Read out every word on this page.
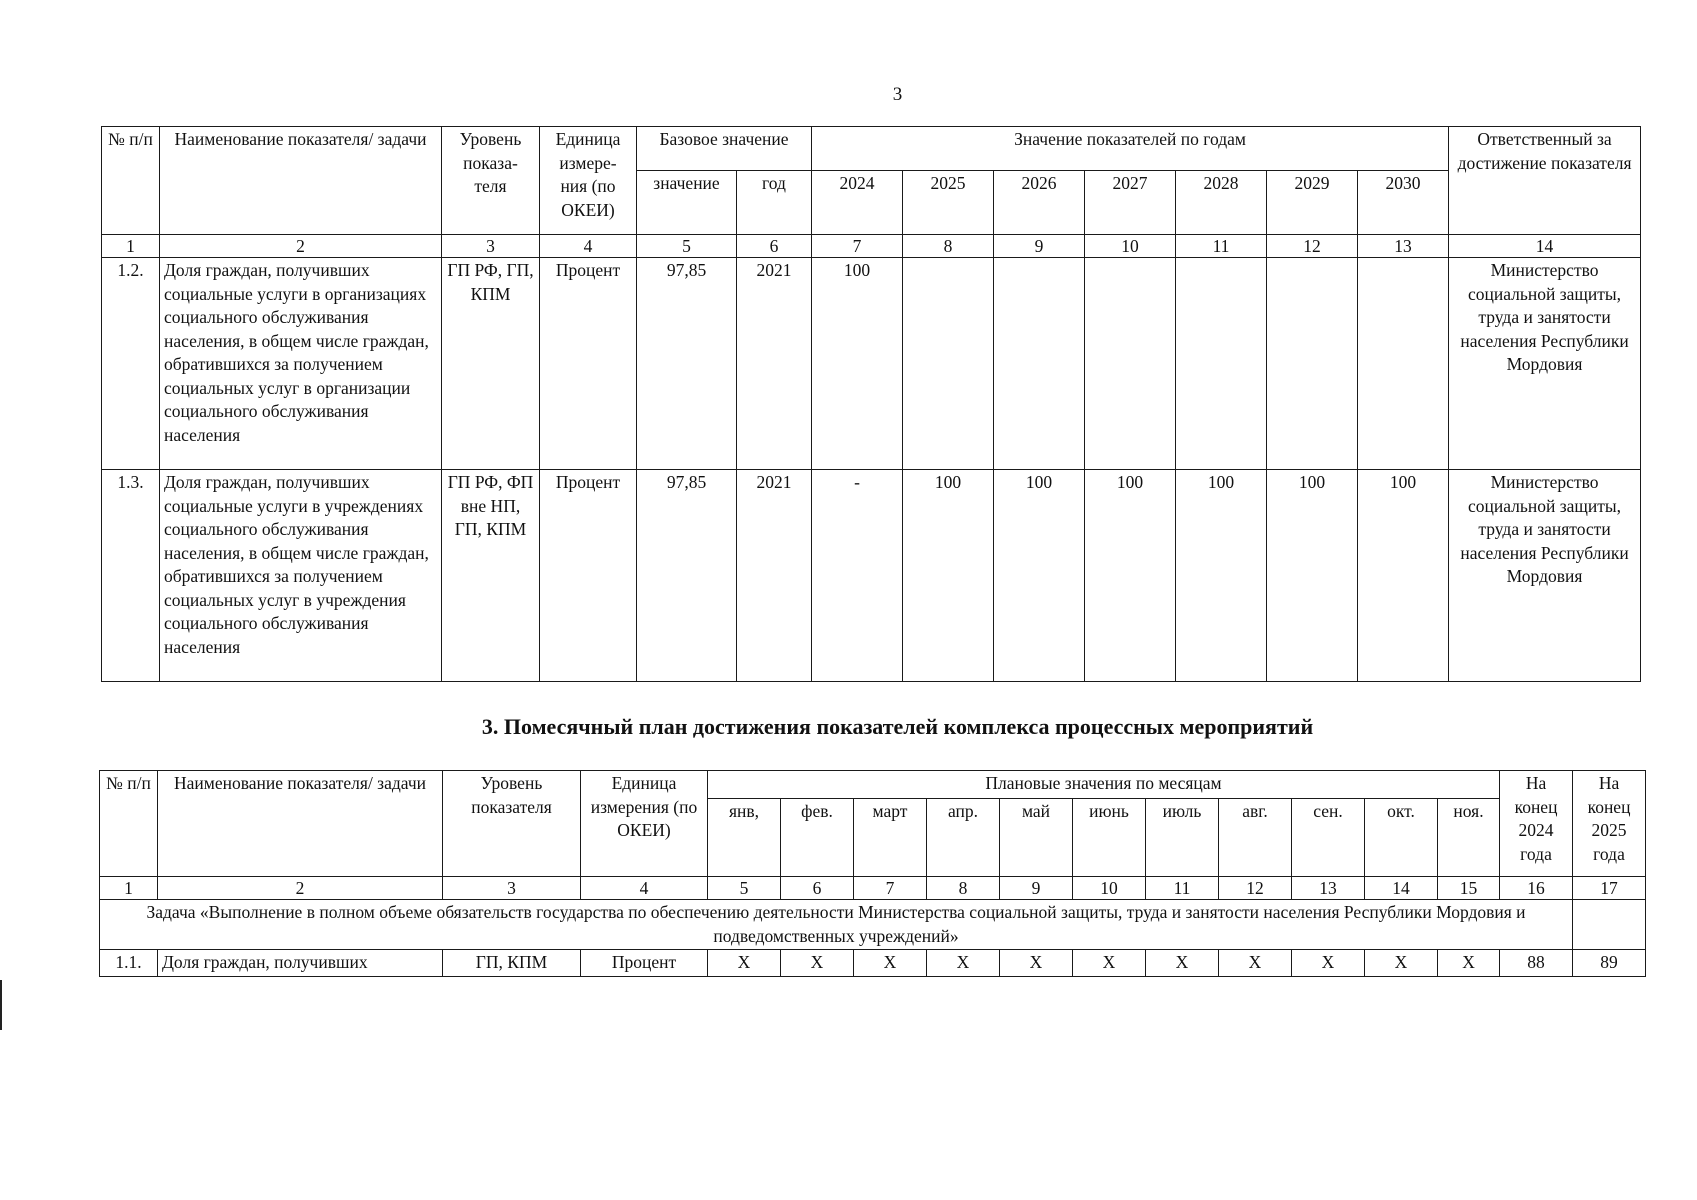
3
№ п/п	Наименование показателя/ задачи	Уровень показа- теля	Единица измере- ния (по ОКЕИ)	Базовое значение		Значение показателей по годам							Ответственный за достижение показателя
				значение	год	2024	2025	2026	2027	2028	2029	2030	
1	2	3	4	5	6	7	8	9	10	11	12	13	14
1.2.	Доля граждан, получивших социальные услуги в организациях социального обслуживания населения, в общем числе граждан, обратившихся за получением социальных услуг в организации социального обслуживания населения	ГП РФ, ГП, КПМ	Процент	97,85	2021	100							Министерство социальной защиты, труда и занятости населения Республики Мордовия
1.3.	Доля граждан, получивших социальные услуги в учреждениях социального обслуживания населения, в общем числе граждан, обратившихся за получением социальных услуг в учреждения социального обслуживания населения	ГП РФ, ФП вне НП, ГП, КПМ	Процент	97,85	2021	-	100	100	100	100	100	100	Министерство социальной защиты, труда и занятости населения Республики Мордовия
3. Помесячный план достижения показателей комплекса процессных мероприятий
№ п/п	Наименование показателя/ задачи	Уровень показателя	Единица измерения (по ОКЕИ)	Плановые значения по месяцам											На конец 2024 года	На конец 2025 года
				янв,	фев.	март	апр.	май	июнь	июль	авг.	сен.	окт.	ноя.		
1	2	3	4	5	6	7	8	9	10	11	12	13	14	15	16	17
Задача «Выполнение в полном объеме обязательств государства по обеспечению деятельности Министерства социальной защиты, труда и занятости населения Республики Мордовия и подведомственных учреждений»																
1.1.	Доля граждан, получивших	ГП, КПМ	Процент	X	X	X	X	X	X	X	X	X	X	X	88	89
